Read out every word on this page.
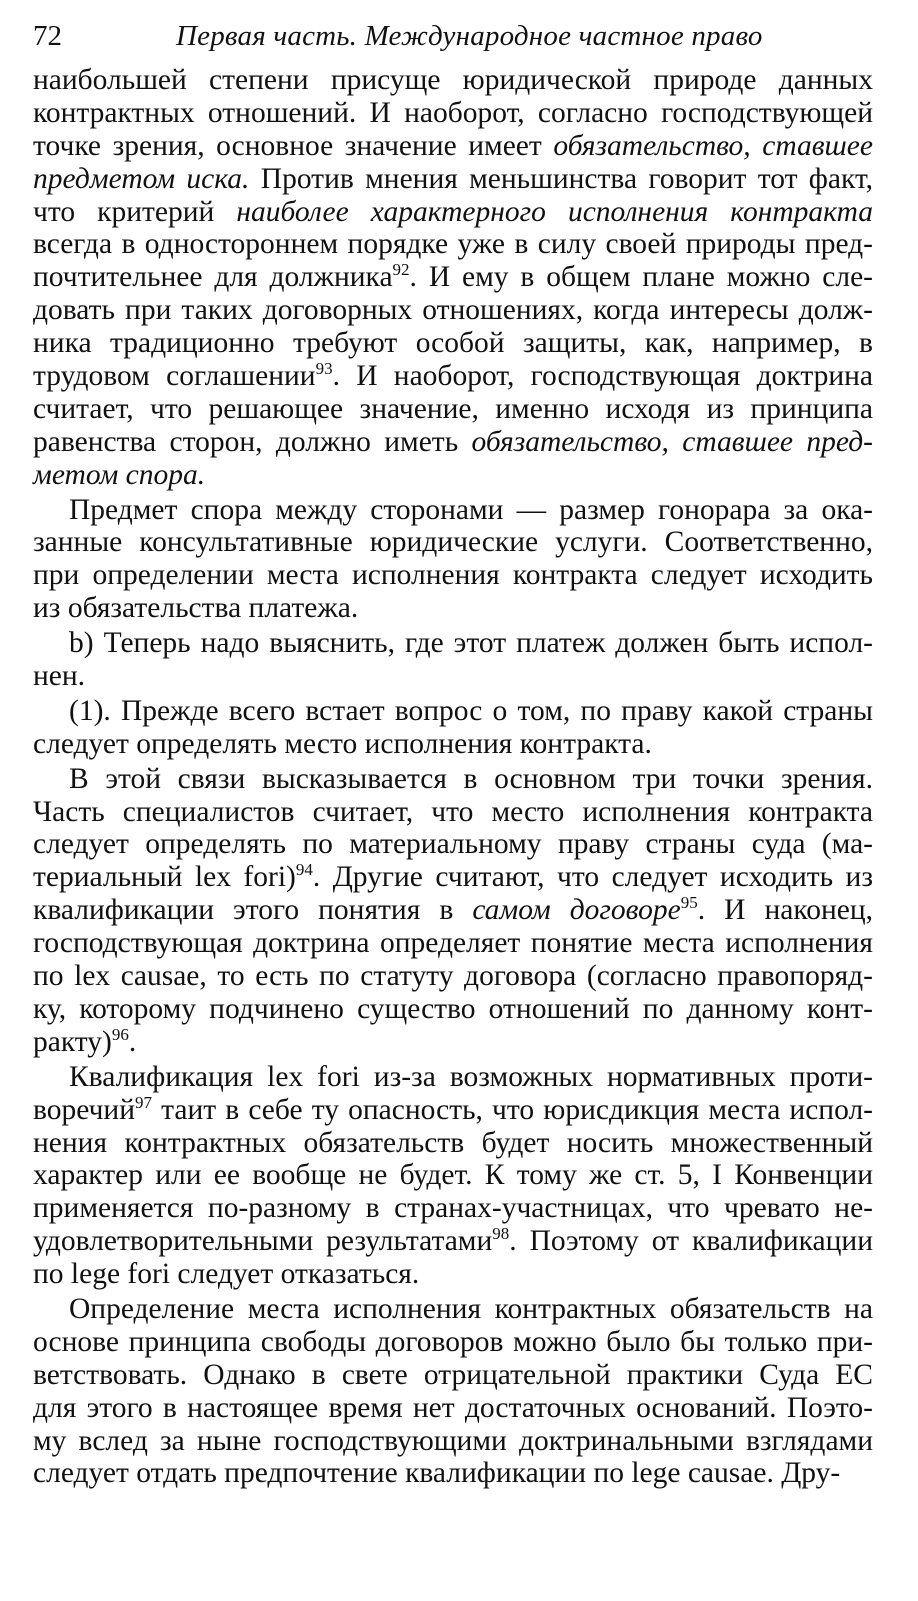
72	Первая часть. Международное частное право
наибольшей степени присуще юридической природе данных
контрактных отношений. И наоборот, согласно господствующей
точке зрения, основное значение имеет обязательство, ставшее
предметом иска. Против мнения меньшинства говорит тот факт,
что критерий наиболее характерного исполнения контракта
всегда в одностороннем порядке уже в силу своей природы пред-
почтительнее для должника$^{92}$. И ему в общем плане можно сле-
довать при таких договорных отношениях, когда интересы долж-
ника традиционно требуют особой защиты, как, например, в
трудовом соглашении$^{93}$. И наоборот, господствующая доктрина
считает, что решающее значение, именно исходя из принципа
равенства сторон, должно иметь обязательство, ставшее пред-
метом спора.
Предмет спора между сторонами — размер гонорара за ока-
занные консультативные юридические услуги. Соответственно,
при определении места исполнения контракта следует исходить
из обязательства платежа.
b) Теперь надо выяснить, где этот платеж должен быть испол-
нен.
(1). Прежде всего встает вопрос о том, по праву какой страны
следует определять место исполнения контракта.
В этой связи высказывается в основном три точки зрения.
Часть специалистов считает, что место исполнения контракта
следует определять по материальному праву страны суда (ма-
териальный lex fori)$^{94}$. Другие считают, что следует исходить из
квалификации этого понятия в самом договоре$^{95}$. И наконец,
господствующая доктрина определяет понятие места исполнения
по lex causae, то есть по статуту договора (согласно правопоряд-
ку, которому подчинено существо отношений по данному конт-
ракту)$^{96}$.
Квалификация lex fori из-за возможных нормативных проти-
воречий$^{97}$ таит в себе ту опасность, что юрисдикция места испол-
нения контрактных обязательств будет носить множественный
характер или ее вообще не будет. К тому же ст. 5, I Конвенции
применяется по-разному в странах-участницах, что чревато не-
удовлетворительными результатами$^{98}$. Поэтому от квалификации
по lege fori следует отказаться.
Определение места исполнения контрактных обязательств на
основе принципа свободы договоров можно было бы только при-
ветствовать. Однако в свете отрицательной практики Суда ЕС
для этого в настоящее время нет достаточных оснований. Поэто-
му вслед за ныне господствующими доктринальными взглядами
следует отдать предпочтение квалификации по lege causae. Дру-
